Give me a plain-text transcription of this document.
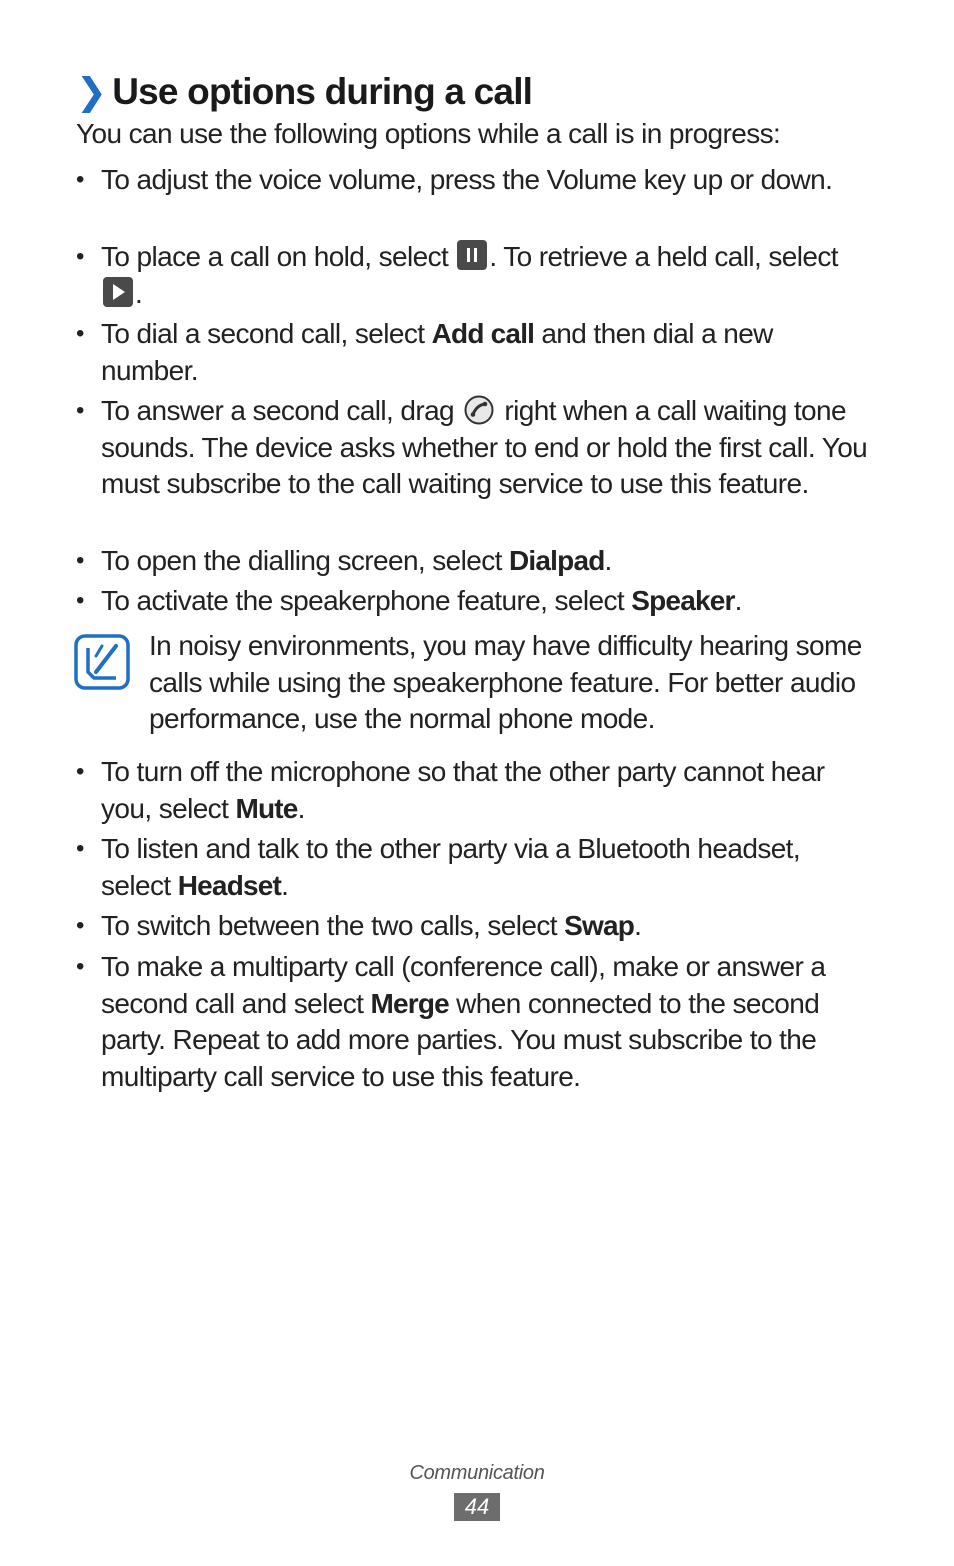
❯ Use options during a call
You can use the following options while a call is in progress:
• To adjust the voice volume, press the Volume key up or down.
• To place a call on hold, select
. To retrieve a held call, select
.
• To dial a second call, select Add call and then dial a new number.
• To answer a second call, drag  right when a call waiting tone sounds. The device asks whether to end or hold the first call. You must subscribe to the call waiting service to use this feature.
• To open the dialling screen, select Dialpad.
• To activate the speakerphone feature, select Speaker.
In noisy environments, you may have difficulty hearing some calls while using the speakerphone feature. For better audio performance, use the normal phone mode.
• To turn off the microphone so that the other party cannot hear you, select Mute.
• To listen and talk to the other party via a Bluetooth headset, select Headset.
• To switch between the two calls, select Swap.
• To make a multiparty call (conference call), make or answer a second call and select Merge when connected to the second party. Repeat to add more parties. You must subscribe to the multiparty call service to use this feature.
Communication
44
